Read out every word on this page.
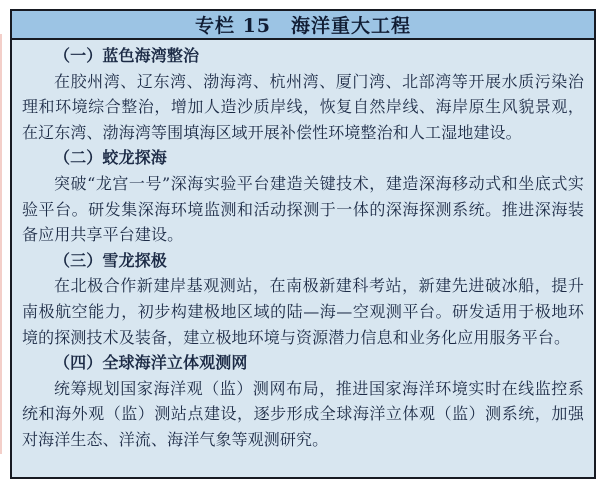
专栏 15　海洋重大工程
（一）蓝色海湾整治

在胶州湾、辽东湾、渤海湾、杭州湾、厦门湾、北部湾等开展水质污染治理和环境综合整治，增加人造沙质岸线，恢复自然岸线、海岸原生风貌景观，在辽东湾、渤海湾等围填海区域开展补偿性环境整治和人工湿地建设。

（二）蛟龙探海

突破“龙宫一号”深海实验平台建造关键技术，建造深海移动式和坐底式实验平台。研发集深海环境监测和活动探测于一体的深海探测系统。推进深海装备应用共享平台建设。

（三）雪龙探极

在北极合作新建岸基观测站，在南极新建科考站，新建先进破冰船，提升南极航空能力，初步构建极地区域的陆—海—空观测平台。研发适用于极地环境的探测技术及装备，建立极地环境与资源潜力信息和业务化应用服务平台。

（四）全球海洋立体观测网

统筹规划国家海洋观（监）测网布局，推进国家海洋环境实时在线监控系统和海外观（监）测站点建设，逐步形成全球海洋立体观（监）测系统，加强对海洋生态、洋流、海洋气象等观测研究。
